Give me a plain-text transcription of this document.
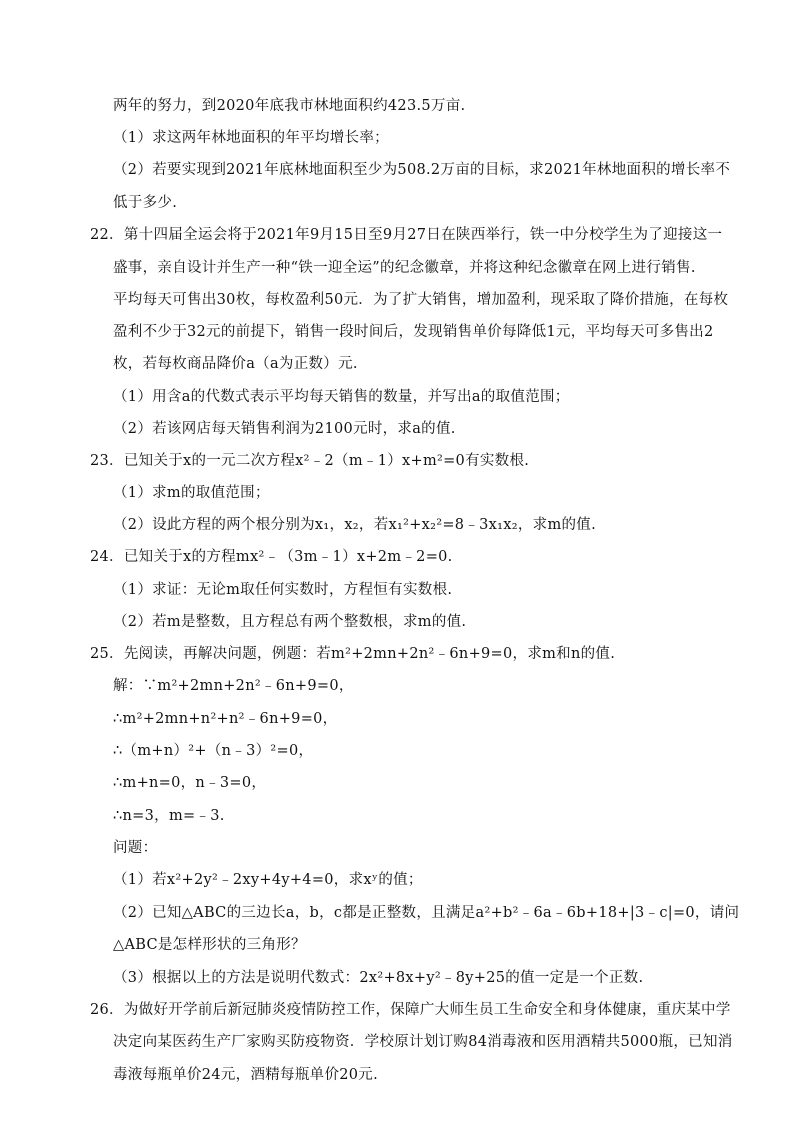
两年的努力，到2020年底我市林地面积约423.5万亩.
（1）求这两年林地面积的年平均增长率；
（2）若要实现到2021年底林地面积至少为508.2万亩的目标，求2021年林地面积的增长率不
低于多少.
22．第十四届全运会将于2021年9月15日至9月27日在陕西举行，铁一中分校学生为了迎接这一
盛事，亲自设计并生产一种“铁一迎全运”的纪念徽章，并将这种纪念徽章在网上进行销售.
平均每天可售出30枚，每枚盈利50元．为了扩大销售，增加盈利，现采取了降价措施，在每枚
盈利不少于32元的前提下，销售一段时间后，发现销售单价每降低1元，平均每天可多售出2
枚，若每枚商品降价a（a为正数）元.
（1）用含a的代数式表示平均每天销售的数量，并写出a的取值范围；
（2）若该网店每天销售利润为2100元时，求a的值.
23．已知关于x的一元二次方程x²﹣2（m﹣1）x+m²=0有实数根.
（1）求m的取值范围；
（2）设此方程的两个根分别为x₁，x₂，若x₁²+x₂²=8﹣3x₁x₂，求m的值.
24．已知关于x的方程mx²﹣（3m﹣1）x+2m﹣2=0.
（1）求证：无论m取任何实数时，方程恒有实数根.
（2）若m是整数，且方程总有两个整数根，求m的值.
25．先阅读，再解决问题，例题：若m²+2mn+2n²﹣6n+9=0，求m和n的值.
解：∵m²+2mn+2n²﹣6n+9=0，
∴m²+2mn+n²+n²﹣6n+9=0，
∴（m+n）²+（n﹣3）²=0，
∴m+n=0，n﹣3=0，
∴n=3，m=﹣3.
问题：
（1）若x²+2y²﹣2xy+4y+4=0，求xʸ的值；
（2）已知△ABC的三边长a，b，c都是正整数，且满足a²+b²﹣6a﹣6b+18+|3﹣c|=0，请问
△ABC是怎样形状的三角形？
（3）根据以上的方法是说明代数式：2x²+8x+y²﹣8y+25的值一定是一个正数.
26．为做好开学前后新冠肺炎疫情防控工作，保障广大师生员工生命安全和身体健康，重庆某中学
决定向某医药生产厂家购买防疫物资．学校原计划订购84消毒液和医用酒精共5000瓶，已知消
毒液每瓶单价24元，酒精每瓶单价20元.
